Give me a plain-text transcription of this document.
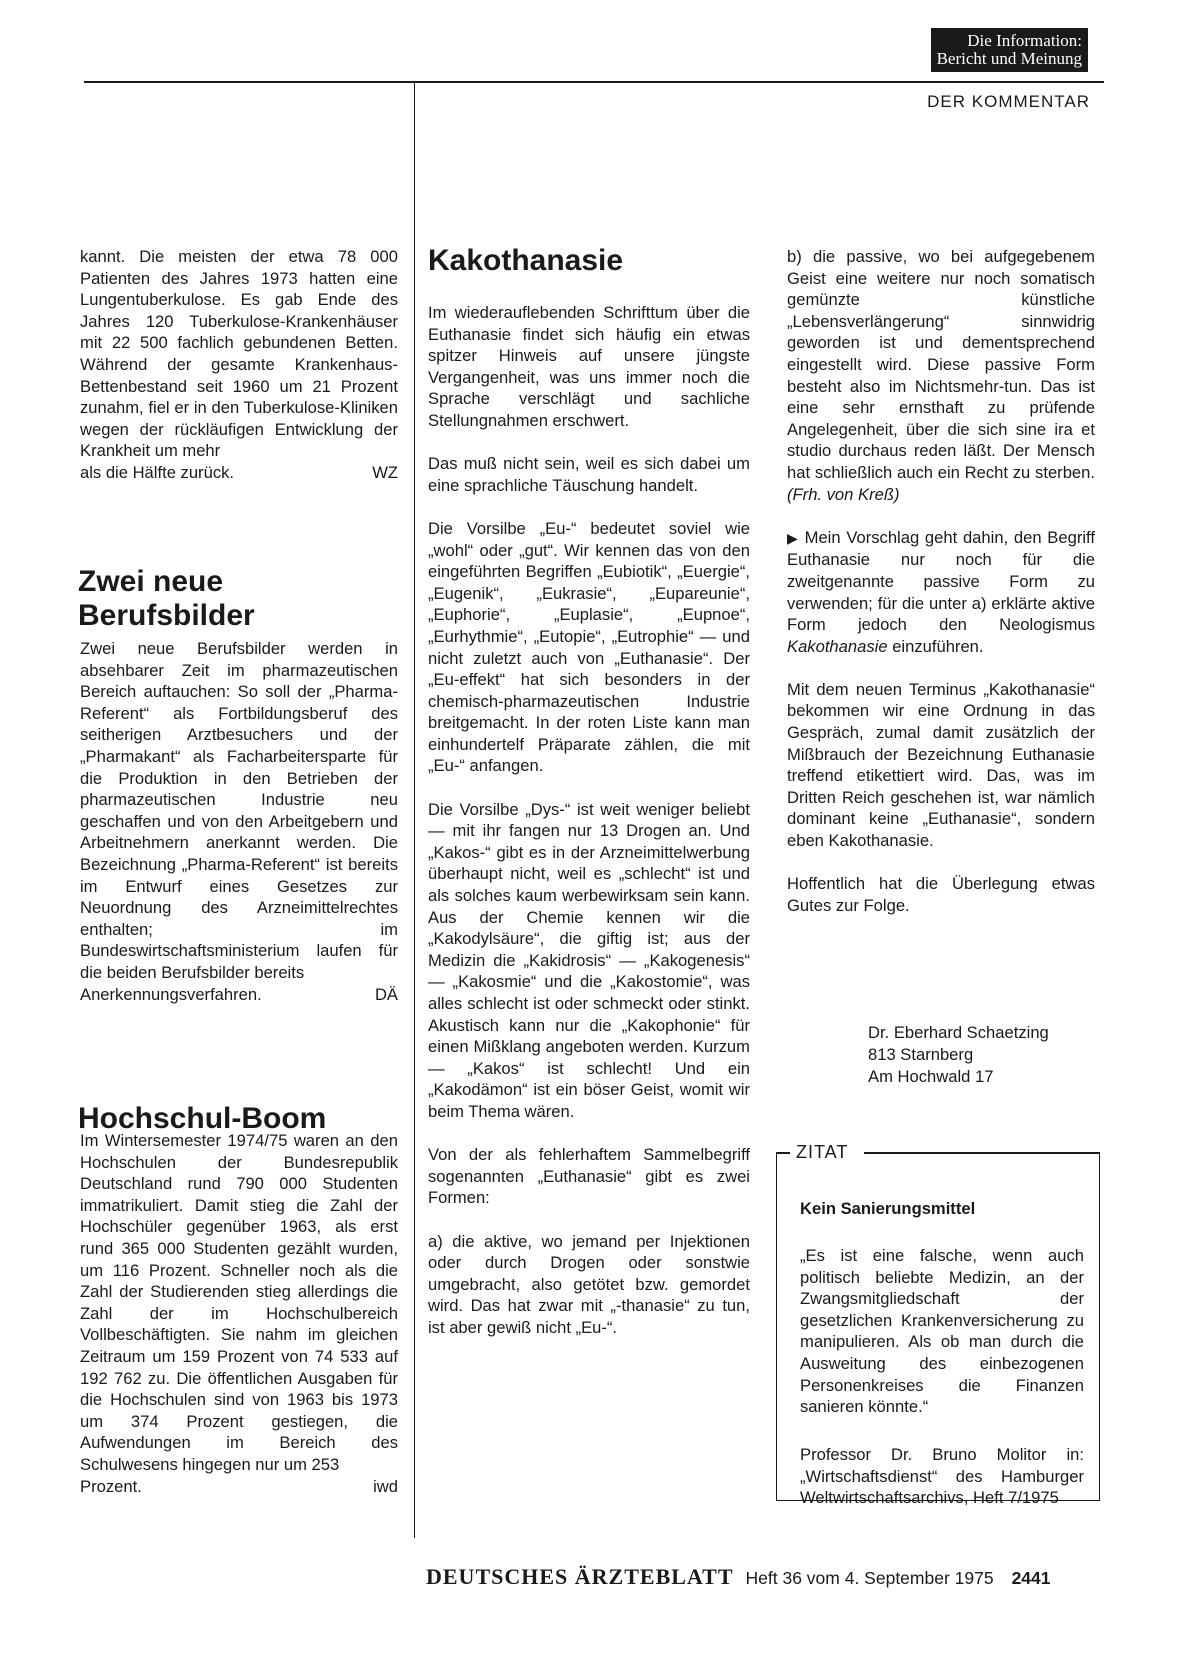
Die Information:
Bericht und Meinung
DER KOMMENTAR

kannt. Die meisten der etwa 78 000 Patienten des Jahres 1973 hatten eine Lungentuberkulose. Es gab Ende des Jahres 120 Tuberkulose-Krankenhäuser mit 22 500 fachlich gebundenen Betten. Während der gesamte Krankenhaus-Bettenbestand seit 1960 um 21 Prozent zunahm, fiel er in den Tuberkulose-Kliniken wegen der rückläufigen Entwicklung der Krankheit um mehr

als die Hälfte zurück.	WZ
Zwei neue Berufsbilder

Zwei neue Berufsbilder werden in absehbarer Zeit im pharmazeutischen Bereich auftauchen: So soll der „Pharma-Referent“ als Fortbildungsberuf des seitherigen Arztbesuchers und der „Pharmakant“ als Facharbeitersparte für die Produktion in den Betrieben der pharmazeutischen Industrie neu geschaffen und von den Arbeitgebern und Arbeitnehmern anerkannt werden. Die Bezeichnung „Pharma-Referent“ ist bereits im Entwurf eines Gesetzes zur Neuordnung des Arzneimittelrechtes enthalten; im Bundeswirtschaftsministerium laufen für die beiden Berufsbilder bereits

Anerkennungsverfahren.	DÄ
Hochschul-Boom

Im Wintersemester 1974/75 waren an den Hochschulen der Bundesrepublik Deutschland rund 790 000 Studenten immatrikuliert. Damit stieg die Zahl der Hochschüler gegenüber 1963, als erst rund 365 000 Studenten gezählt wurden, um 116 Prozent. Schneller noch als die Zahl der Studierenden stieg allerdings die Zahl der im Hochschulbereich Vollbeschäftigten. Sie nahm im gleichen Zeitraum um 159 Prozent von 74 533 auf 192 762 zu. Die öffentlichen Ausgaben für die Hochschulen sind von 1963 bis 1973 um 374 Prozent gestiegen, die Aufwendungen im Bereich des Schulwesens hingegen nur um 253

Prozent.	iwd
Kakothanasie

Im wiederauflebenden Schrifttum über die Euthanasie findet sich häufig ein etwas spitzer Hinweis auf unsere jüngste Vergangenheit, was uns immer noch die Sprache verschlägt und sachliche Stellungnahmen erschwert.

Das muß nicht sein, weil es sich dabei um eine sprachliche Täuschung handelt.

Die Vorsilbe „Eu-“ bedeutet soviel wie „wohl“ oder „gut“. Wir kennen das von den eingeführten Begriffen „Eubiotik“, „Euergie“, „Eugenik“, „Eukrasie“, „Eupareunie“, „Euphorie“, „Euplasie“, „Eupnoe“, „Eurhythmie“, „Eutopie“, „Eutrophie“ — und nicht zuletzt auch von „Euthanasie“. Der „Eu-effekt“ hat sich besonders in der chemisch-pharmazeutischen Industrie breitgemacht. In der roten Liste kann man einhundertelf Präparate zählen, die mit „Eu-“ anfangen.

Die Vorsilbe „Dys-“ ist weit weniger beliebt — mit ihr fangen nur 13 Drogen an. Und „Kakos-“ gibt es in der Arzneimittelwerbung überhaupt nicht, weil es „schlecht“ ist und als solches kaum werbewirksam sein kann. Aus der Chemie kennen wir die „Kakodylsäure“, die giftig ist; aus der Medizin die „Kakidrosis“ — „Kakogenesis“ — „Kakosmie“ und die „Kakostomie“, was alles schlecht ist oder schmeckt oder stinkt. Akustisch kann nur die „Kakophonie“ für einen Mißklang angeboten werden. Kurzum — „Kakos“ ist schlecht! Und ein „Kakodämon“ ist ein böser Geist, womit wir beim Thema wären.

Von der als fehlerhaftem Sammelbegriff sogenannten „Euthanasie“ gibt es zwei Formen:

a) die aktive, wo jemand per Injektionen oder durch Drogen oder sonstwie umgebracht, also getötet bzw. gemordet wird. Das hat zwar mit „-thanasie“ zu tun, ist aber gewiß nicht „Eu-“.

b) die passive, wo bei aufgegebenem Geist eine weitere nur noch somatisch gemünzte künstliche „Lebensverlängerung“ sinnwidrig geworden ist und dementsprechend eingestellt wird. Diese passive Form besteht also im Nichtsmehr-tun. Das ist eine sehr ernsthaft zu prüfende Angelegenheit, über die sich sine ira et studio durchaus reden läßt. Der Mensch hat schließlich auch ein Recht zu sterben. (Frh. von Kreß)

▶ Mein Vorschlag geht dahin, den Begriff Euthanasie nur noch für die zweitgenannte passive Form zu verwenden; für die unter a) erklärte aktive Form jedoch den Neologismus Kakothanasie einzuführen.

Mit dem neuen Terminus „Kakothanasie“ bekommen wir eine Ordnung in das Gespräch, zumal damit zusätzlich der Mißbrauch der Bezeichnung Euthanasie treffend etikettiert wird. Das, was im Dritten Reich geschehen ist, war nämlich dominant keine „Euthanasie“, sondern eben Kakothanasie.

Hoffentlich hat die Überlegung etwas Gutes zur Folge.

Dr. Eberhard Schaetzing
813 Starnberg
Am Hochwald 17
ZITAT
Kein Sanierungsmittel
„Es ist eine falsche, wenn auch politisch beliebte Medizin, an der Zwangsmitgliedschaft der gesetzlichen Krankenversicherung zu manipulieren. Als ob man durch die Ausweitung des einbezogenen Personenkreises die Finanzen sanieren könnte.“
Professor Dr. Bruno Molitor in: „Wirtschaftsdienst“ des Hamburger Weltwirtschaftsarchivs, Heft 7/1975
DEUTSCHES ÄRZTEBLATT Heft 36 vom 4. September 1975 2441
